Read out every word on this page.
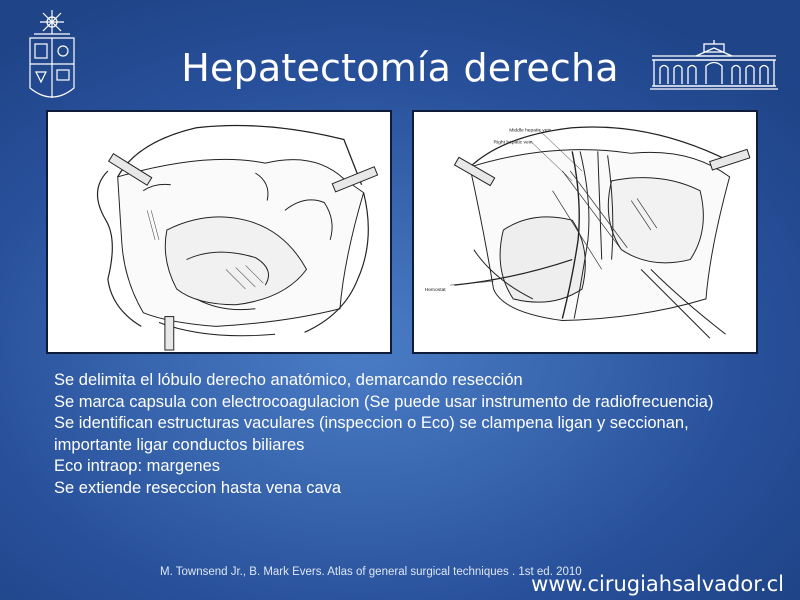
Hepatectomía derecha
Middle hepatic vein
Right hepatic vein
Hemostat
Se delimita el lóbulo derecho anatómico, demarcando resección
Se marca capsula con electrocoagulacion (Se puede usar instrumento de radiofrecuencia)
Se identifican estructuras vaculares (inspeccion o Eco) se clampena ligan y seccionan, importante ligar conductos biliares
Eco intraop: margenes
Se extiende reseccion hasta vena cava
M. Townsend Jr., B. Mark Evers. Atlas of general surgical techniques . 1st ed. 2010
www.cirugiahsalvador.cl
